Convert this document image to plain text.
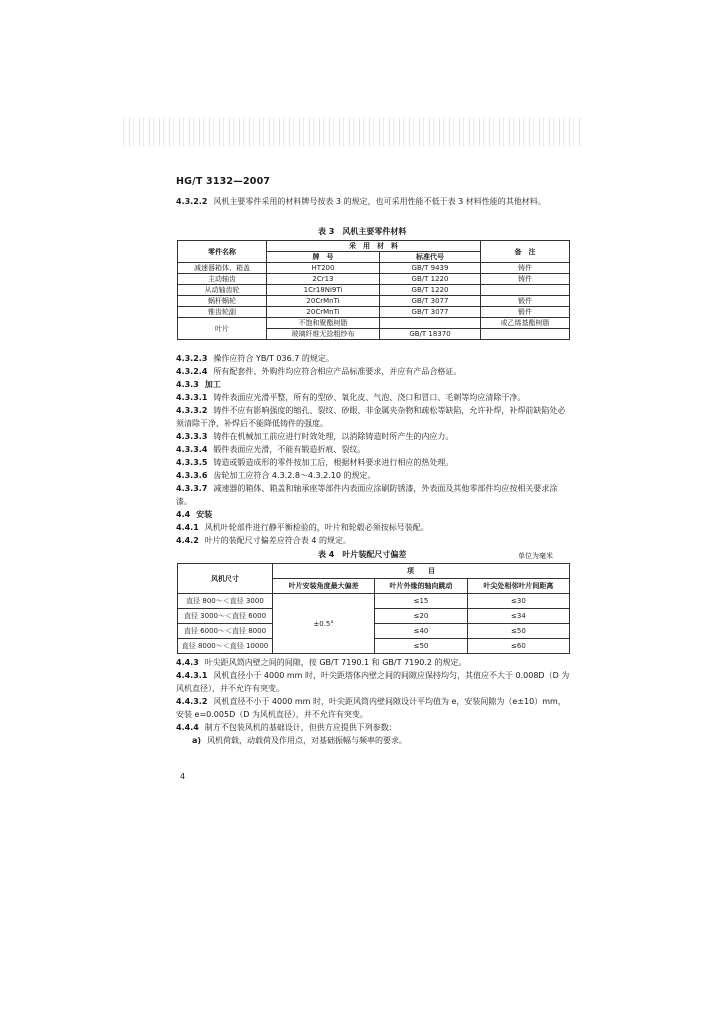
HG/T 3132—2007
4.3.2.2 风机主要零件采用的材料牌号按表 3 的规定，也可采用性能不低于表 3 材料性能的其他材料。
表 3　风机主要零件材料
零件名称	采　用　材　料		备　注
	牌　号	标准代号	
减速器箱体、箱盖	HT200	GB/T 9439	铸件
主动轴齿	2Cr13	GB/T 1220	铸件
从动轴齿轮	1Cr18Ni9Ti	GB/T 1220	
蜗杆蜗轮	20CrMnTi	GB/T 3077	锻件
锥齿轮副	20CrMnTi	GB/T 3077	锻件
叶片	不饱和聚酯树脂		或乙烯基酯树脂
	玻璃纤维无捻粗纱布	GB/T 18370	
4.3.2.3 操作应符合 YB/T 036.7 的规定。
4.3.2.4 所有配套件、外购件均应符合相应产品标准要求，并应有产品合格证。
4.3.3 加工
4.3.3.1 铸件表面应光滑平整，所有的型砂、氧化皮、气泡、浇口和冒口、毛刺等均应清除干净。
4.3.3.2 铸件不应有影响强度的缩孔、裂纹、砂眼、非金属夹杂物和疏松等缺陷，允许补焊，补焊前缺陷处必须清除干净，补焊后不能降低铸件的强度。
4.3.3.3 铸件在机械加工前应进行时效处理，以消除铸造时所产生的内应力。
4.3.3.4 锻件表面应光滑，不能有锻造折痕、裂纹。
4.3.3.5 铸造或锻造成形的零件按加工后，根据材料要求进行相应的热处理。
4.3.3.6 齿轮加工应符合 4.3.2.8～4.3.2.10 的规定。
4.3.3.7 减速器的箱体、箱盖和轴承座等部件内表面应涂刷防锈漆，外表面及其他零部件均应按相关要求涂漆。
4.4 安装
4.4.1 风机叶轮部件进行静平衡检验的，叶片和轮毂必须按标号装配。
4.4.2 叶片的装配尺寸偏差应符合表 4 的规定。
表 4　叶片装配尺寸偏差	单位为毫米
风机尺寸	项　　目		
	叶片安装角度最大偏差	叶片外缘的轴向跳动	叶尖处相邻叶片间距离
直径 800～＜直径 3000	±0.5°	≤15	≤30
直径 3000～＜直径 6000		≤20	≤34
直径 6000～＜直径 8000		≤40	≤50
直径 8000～＜直径 10000		≤50	≤60
4.4.3 叶尖距风筒内壁之间的间隙，按 GB/T 7190.1 和 GB/T 7190.2 的规定。
4.4.3.1 风机直径小于 4000 mm 时，叶尖距塔体内壁之间的间隙应保持均匀，其值应不大于 0.008D（D 为风机直径），并不允许有突变。
4.4.3.2 风机直径不小于 4000 mm 时，叶尖距风筒内壁间隙设计平均值为 e，安装间隙为（e±10）mm，安装 e=0.005D（D 为风机直径），并不允许有突变。
4.4.4 制方不包装风机的基础设计，但供方应提供下列参数：
a) 风机荷载，动载荷及作用点，对基础振幅与频率的要求。
4
